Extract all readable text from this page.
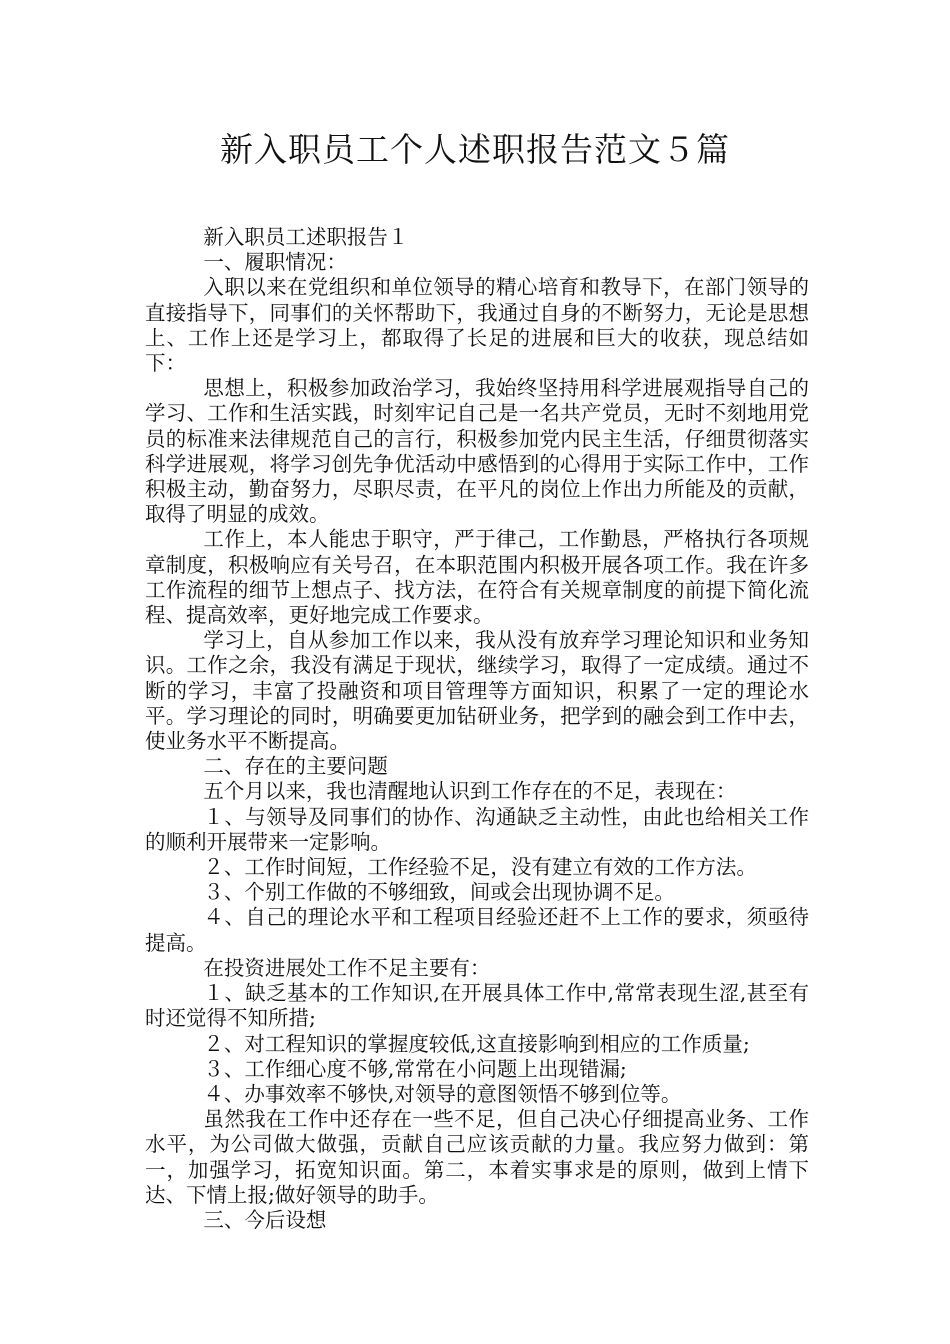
新入职员工个人述职报告范文５篇

新入职员工述职报告１

一、履职情况：

入职以来在党组织和单位领导的精心培育和教导下，在部门领导的直接指导下，同事们的关怀帮助下，我通过自身的不断努力，无论是思想上、工作上还是学习上，都取得了长足的进展和巨大的收获，现总结如下：

思想上，积极参加政治学习，我始终坚持用科学进展观指导自己的学习、工作和生活实践，时刻牢记自己是一名共产党员，无时不刻地用党员的标准来法律规范自己的言行，积极参加党内民主生活，仔细贯彻落实科学进展观，将学习创先争优活动中感悟到的心得用于实际工作中，工作积极主动，勤奋努力，尽职尽责，在平凡的岗位上作出力所能及的贡献，取得了明显的成效。

工作上，本人能忠于职守，严于律己，工作勤恳，严格执行各项规章制度，积极响应有关号召，在本职范围内积极开展各项工作。我在许多工作流程的细节上想点子、找方法，在符合有关规章制度的前提下简化流程、提高效率，更好地完成工作要求。

学习上，自从参加工作以来，我从没有放弃学习理论知识和业务知识。工作之余，我没有满足于现状，继续学习，取得了一定成绩。通过不断的学习，丰富了投融资和项目管理等方面知识，积累了一定的理论水平。学习理论的同时，明确要更加钻研业务，把学到的融会到工作中去，使业务水平不断提高。

二、存在的主要问题

五个月以来，我也清醒地认识到工作存在的不足，表现在：

１、与领导及同事们的协作、沟通缺乏主动性，由此也给相关工作的顺利开展带来一定影响。

２、工作时间短，工作经验不足，没有建立有效的工作方法。

３、个别工作做的不够细致，间或会出现协调不足。

４、自己的理论水平和工程项目经验还赶不上工作的要求，须亟待提高。

在投资进展处工作不足主要有：

１、缺乏基本的工作知识,在开展具体工作中,常常表现生涩,甚至有时还觉得不知所措;

２、对工程知识的掌握度较低,这直接影响到相应的工作质量;

３、工作细心度不够,常常在小问题上出现错漏;

４、办事效率不够快,对领导的意图领悟不够到位等。

虽然我在工作中还存在一些不足，但自己决心仔细提高业务、工作水平，为公司做大做强，贡献自己应该贡献的力量。我应努力做到：第一，加强学习，拓宽知识面。第二，本着实事求是的原则，做到上情下达、下情上报;做好领导的助手。

三、今后设想
